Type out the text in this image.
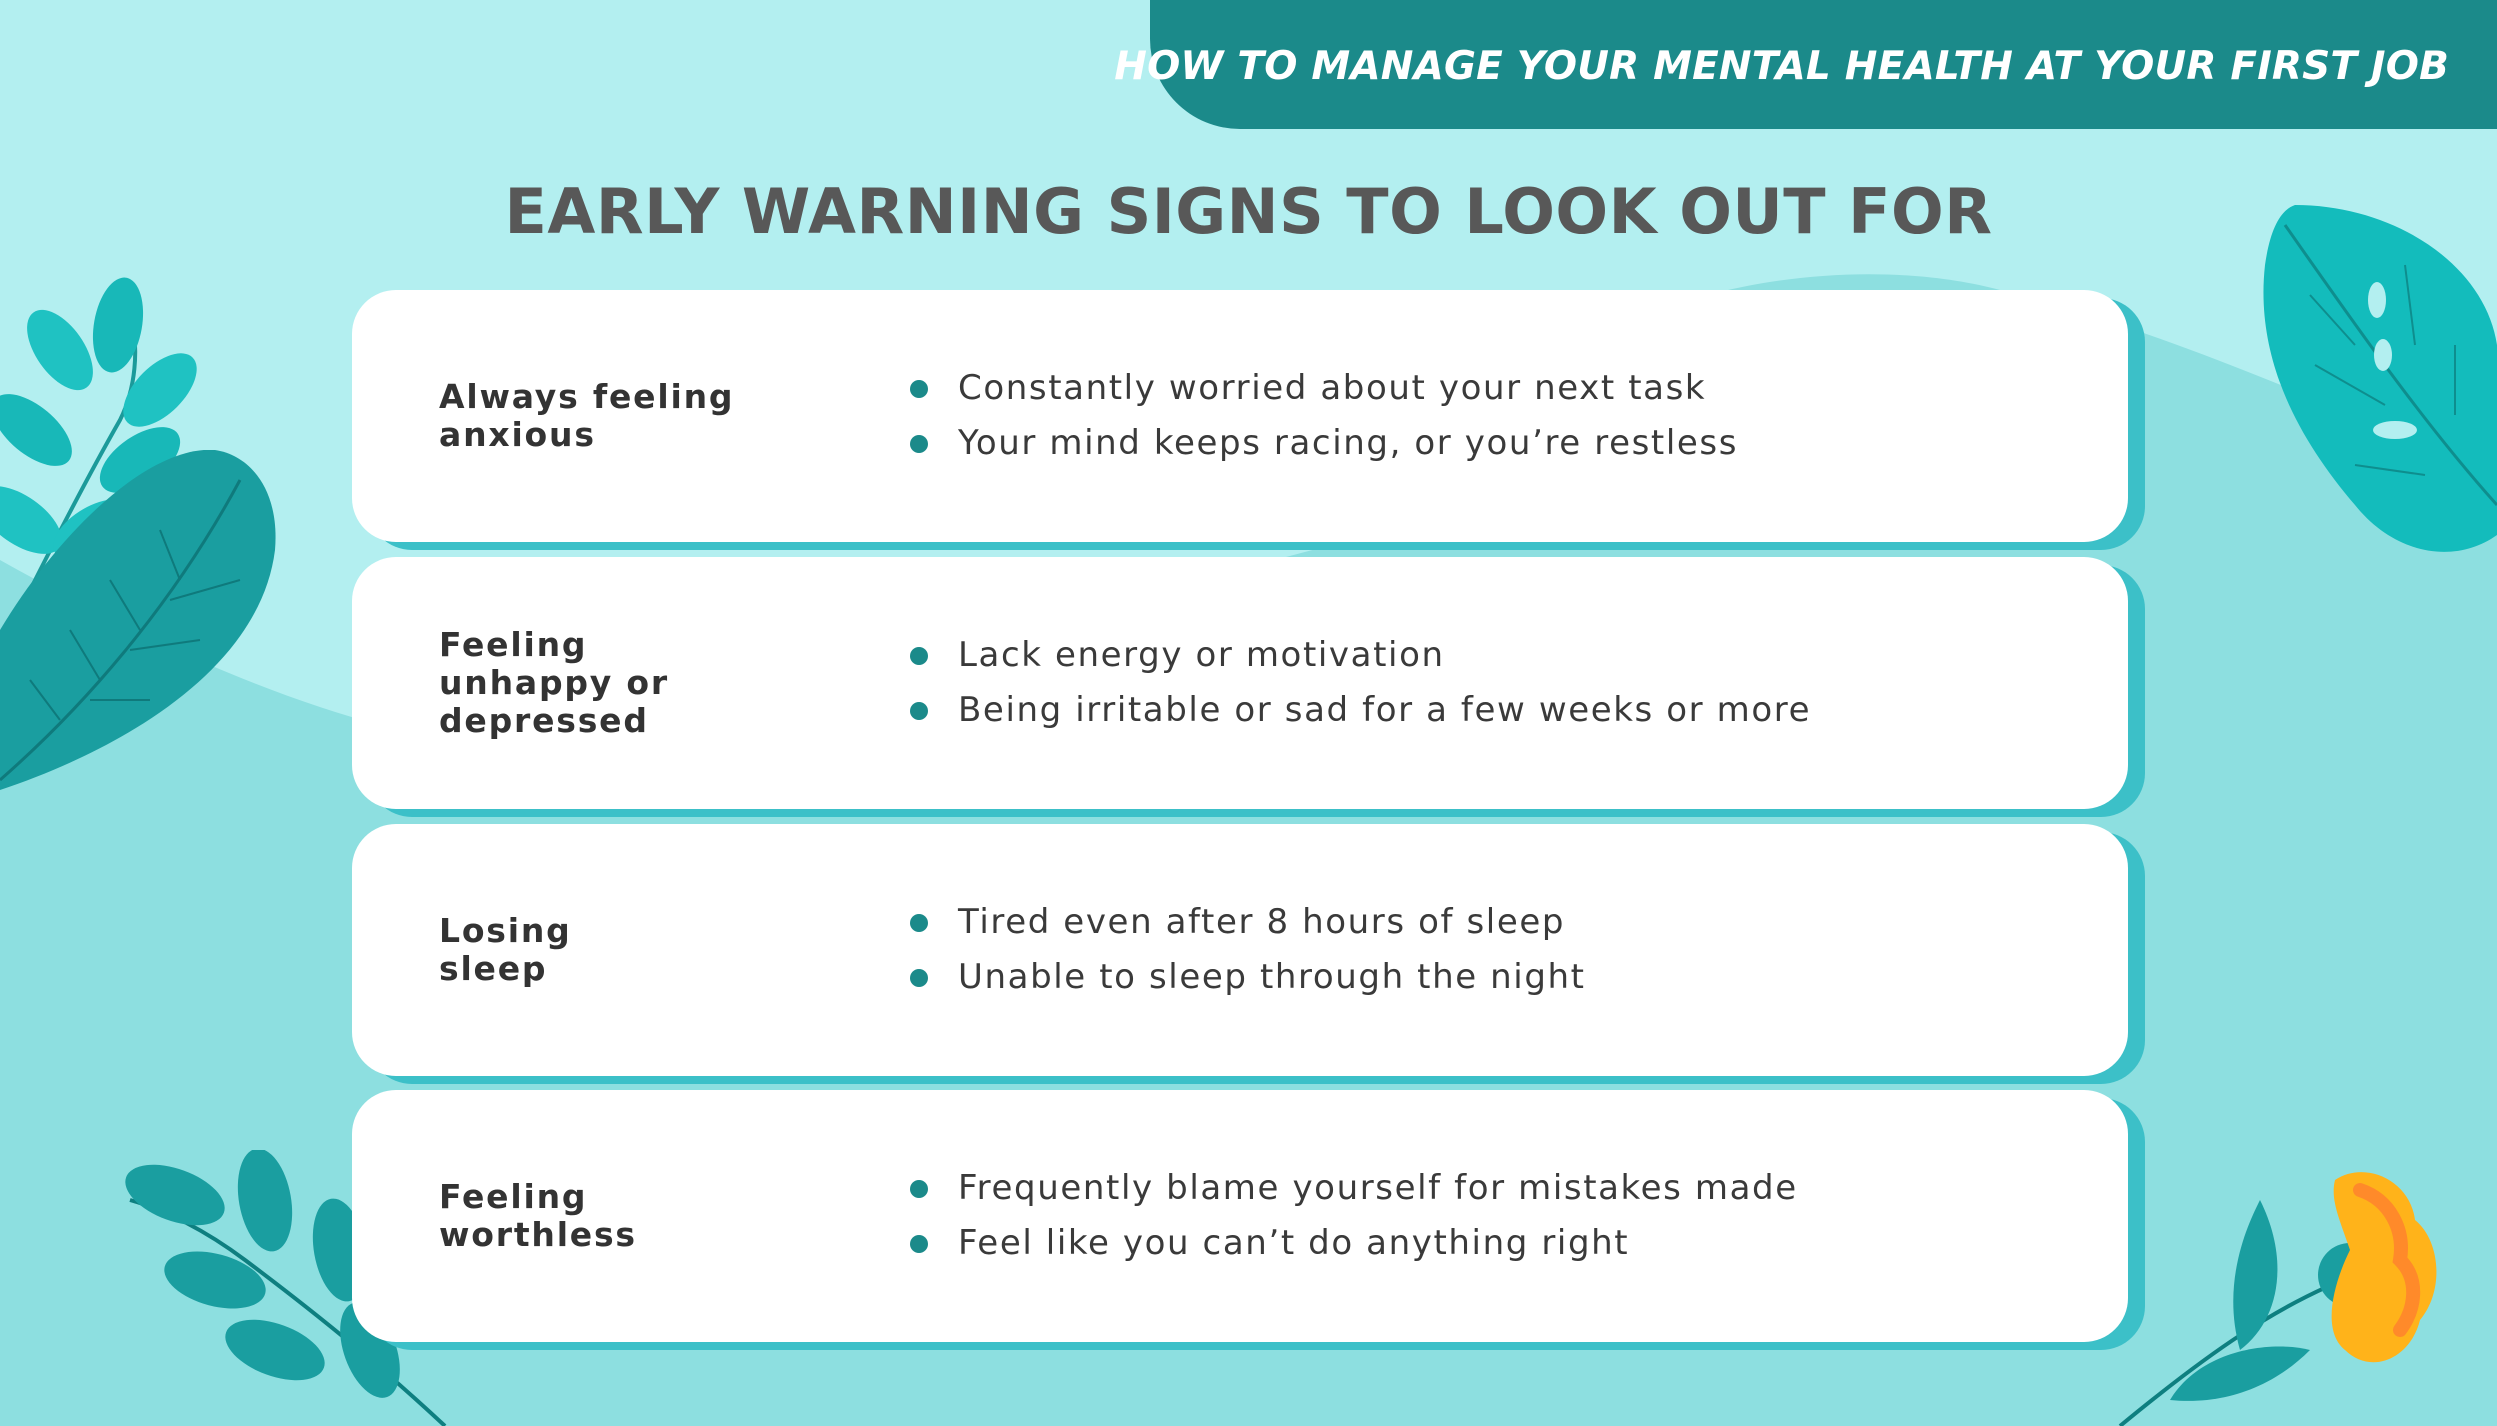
HOW TO MANAGE YOUR MENTAL HEALTH AT YOUR FIRST JOB
EARLY WARNING SIGNS TO LOOK OUT FOR
Always feeling anxious
Constantly worried about your next task
Your mind keeps racing, or you’re restless
Feeling unhappy or depressed
Lack energy or motivation
Being irritable or sad for a few weeks or more
Losing sleep
Tired even after 8 hours of sleep
Unable to sleep through the night
Feeling worthless
Frequently blame yourself for mistakes made
Feel like you can’t do anything right
